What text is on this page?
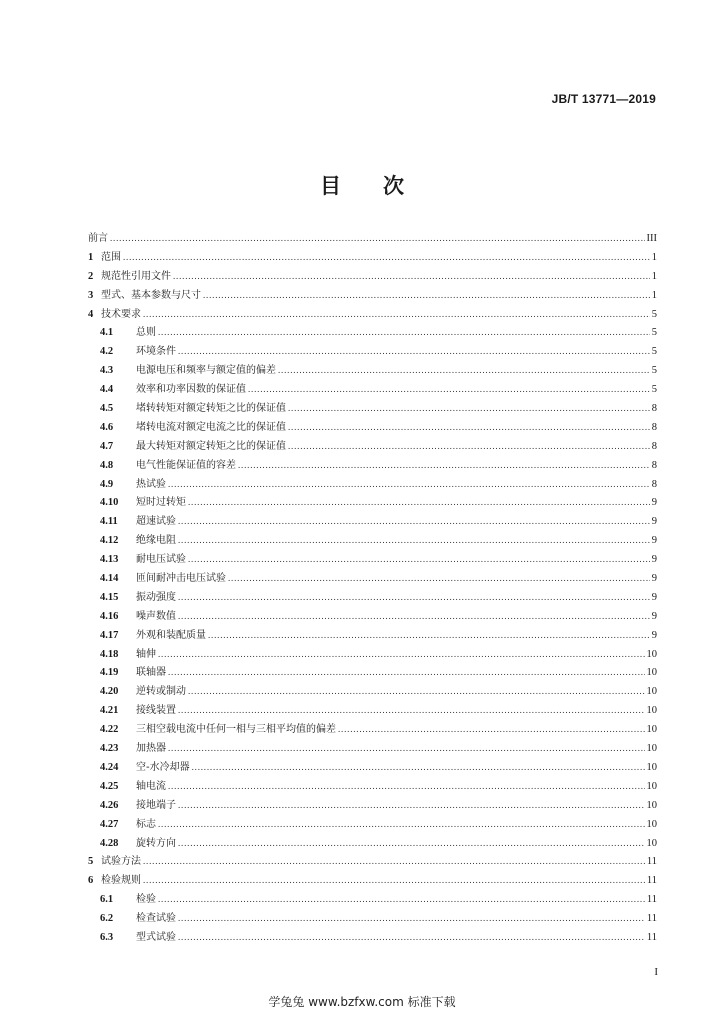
JB/T 13771—2019
目　　次
前言 .....	III
1 范围 .....	1
2 规范性引用文件 .....	1
3 型式、基本参数与尺寸 .....	1
4 技术要求 .....	5
4.1	总则 .....	5
4.2	环境条件 .....	5
4.3	电源电压和频率与额定值的偏差 .....	5
4.4	效率和功率因数的保证值 .....	5
4.5	堵转转矩对额定转矩之比的保证值 .....	8
4.6	堵转电流对额定电流之比的保证值 .....	8
4.7	最大转矩对额定转矩之比的保证值 .....	8
4.8	电气性能保证值的容差 .....	8
4.9	热试验 .....	8
4.10	短时过转矩 .....	9
4.11	超速试验 .....	9
4.12	绝缘电阻 .....	9
4.13	耐电压试验 .....	9
4.14	匝间耐冲击电压试验 .....	9
4.15	振动强度 .....	9
4.16	噪声数值 .....	9
4.17	外观和装配质量 .....	9
4.18	轴伸 .....	10
4.19	联轴器 .....	10
4.20	逆转或制动 .....	10
4.21	接线装置 .....	10
4.22	三相空载电流中任何一相与三相平均值的偏差 .....	10
4.23	加热器 .....	10
4.24	空-水冷却器 .....	10
4.25	轴电流 .....	10
4.26	接地端子 .....	10
4.27	标志 .....	10
4.28	旋转方向 .....	10
5 试验方法 .....	11
6 检验规则 .....	11
6.1	检验 .....	11
6.2	检查试验 .....	11
6.3	型式试验 .....	11
I
学兔兔 www.bzfxw.com 标准下载
